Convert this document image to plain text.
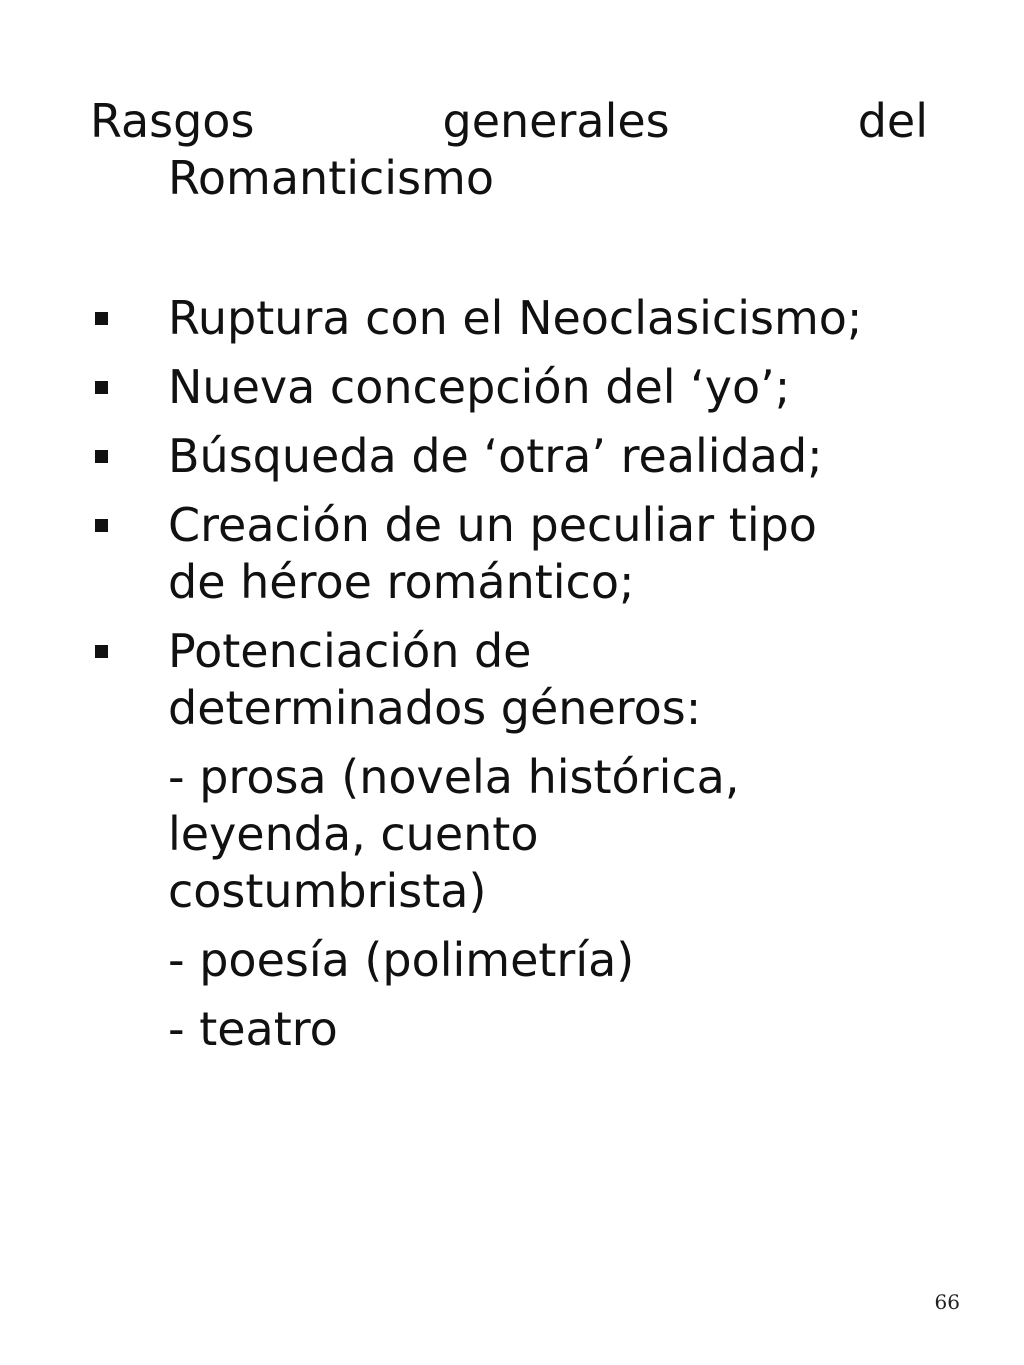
Rasgos	generales	del
Romanticismo
Ruptura con el Neoclasicismo;
Nueva concepción del ‘yo’;
Búsqueda de ‘otra’ realidad;
Creación de un peculiar tipo de héroe romántico;
Potenciación de determinados géneros:
- prosa (novela histórica, leyenda, cuento costumbrista)
- poesía (polimetría)
- teatro
66
